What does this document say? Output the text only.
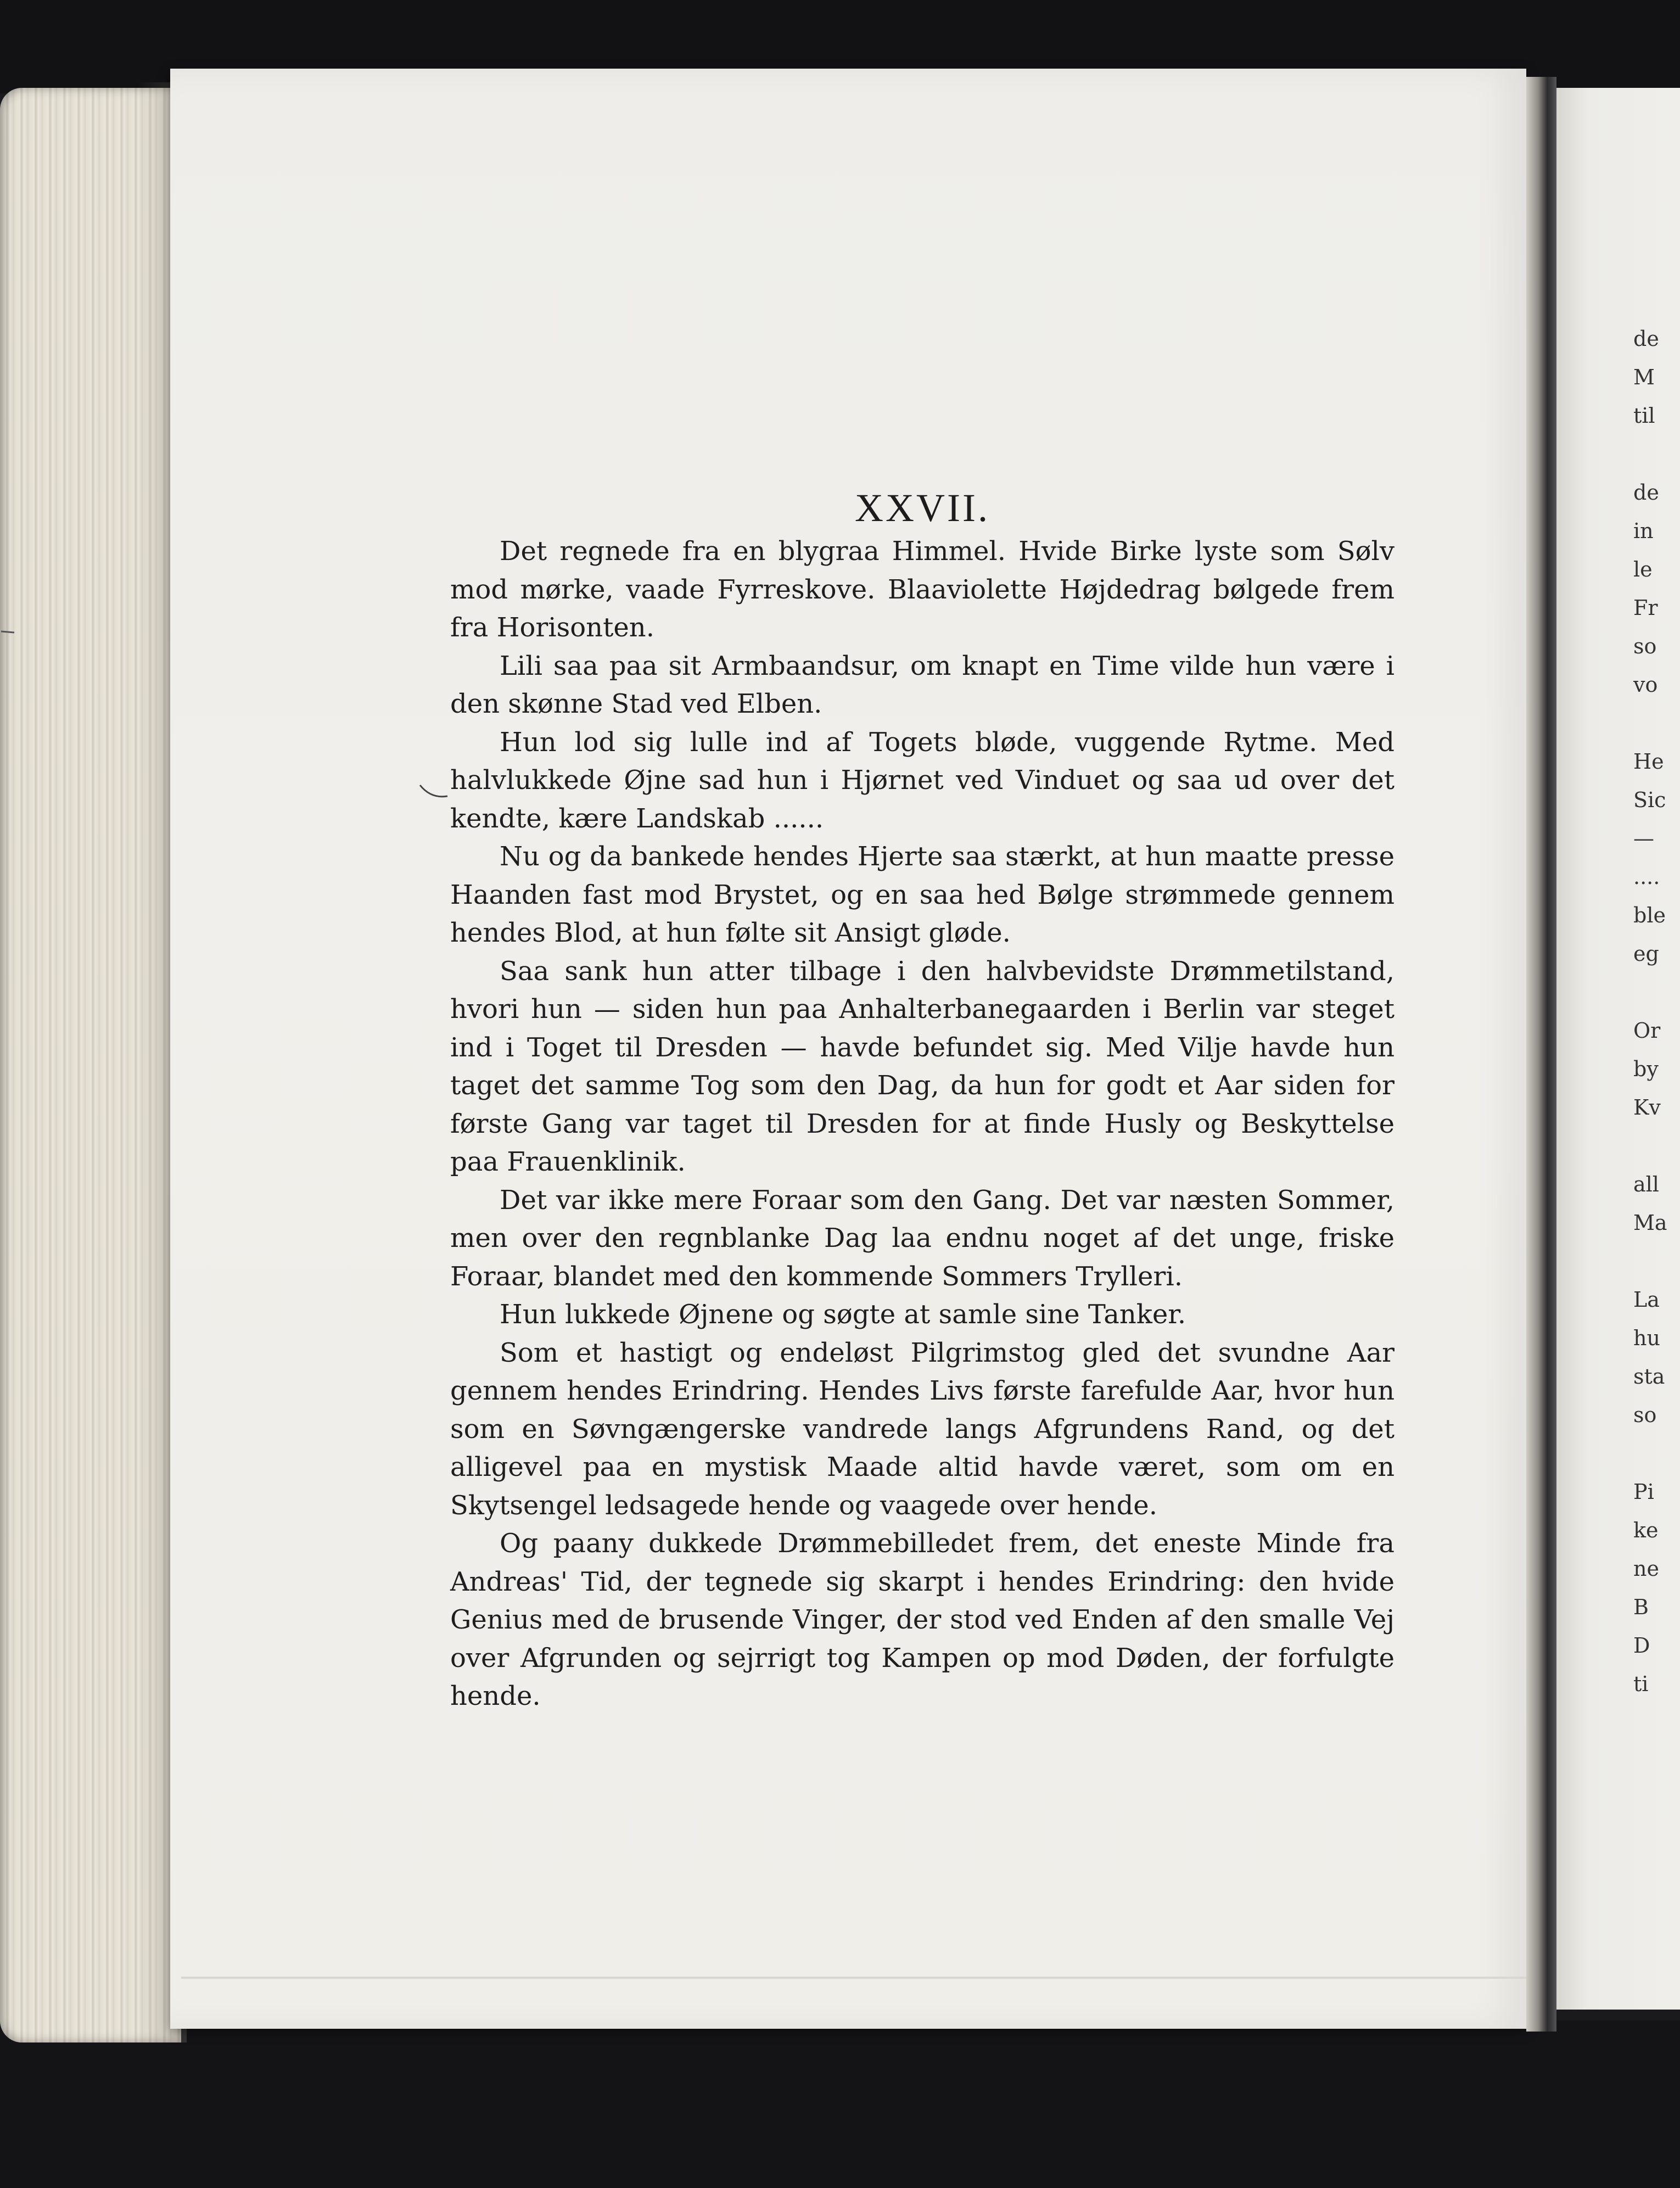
de
M
til
de
in
le
Fr
so
vo
He
Sic
—
....
ble
eg
Or
by
Kv
all
Ma
La
hu
sta
so
Pi
ke
ne
B
D
ti
XXVII.

Det regnede fra en blygraa Himmel. Hvide Birke lyste som Sølv mod mørke, vaade Fyrreskove. Blaaviolette Højdedrag bølgede frem fra Horisonten.

Lili saa paa sit Armbaandsur, om knapt en Time vilde hun være i den skønne Stad ved Elben.

Hun lod sig lulle ind af Togets bløde, vuggende Rytme. Med halvlukkede Øjne sad hun i Hjørnet ved Vinduet og saa ud over det kendte, kære Landskab ......

Nu og da bankede hendes Hjerte saa stærkt, at hun maatte presse Haanden fast mod Brystet, og en saa hed Bølge strømmede gennem hendes Blod, at hun følte sit Ansigt gløde.

Saa sank hun atter tilbage i den halvbevidste Drømmetilstand, hvori hun — siden hun paa Anhalterbanegaarden i Berlin var steget ind i Toget til Dresden — havde befundet sig. Med Vilje havde hun taget det samme Tog som den Dag, da hun for godt et Aar siden for første Gang var taget til Dresden for at finde Husly og Beskyttelse paa Frauenklinik.

Det var ikke mere Foraar som den Gang. Det var næsten Sommer, men over den regnblanke Dag laa endnu noget af det unge, friske Foraar, blandet med den kommende Sommers Trylleri.

Hun lukkede Øjnene og søgte at samle sine Tanker.

Som et hastigt og endeløst Pilgrimstog gled det svundne Aar gennem hendes Erindring. Hendes Livs første farefulde Aar, hvor hun som en Søvngængerske vandrede langs Afgrundens Rand, og det alligevel paa en mystisk Maade altid havde været, som om en Skytsengel ledsagede hende og vaagede over hende.

Og paany dukkede Drømmebilledet frem, det eneste Minde fra Andreas' Tid, der tegnede sig skarpt i hendes Erindring: den hvide Genius med de brusende Vinger, der stod ved Enden af den smalle Vej over Afgrunden og sejrrigt tog Kampen op mod Døden, der forfulgte hende.
